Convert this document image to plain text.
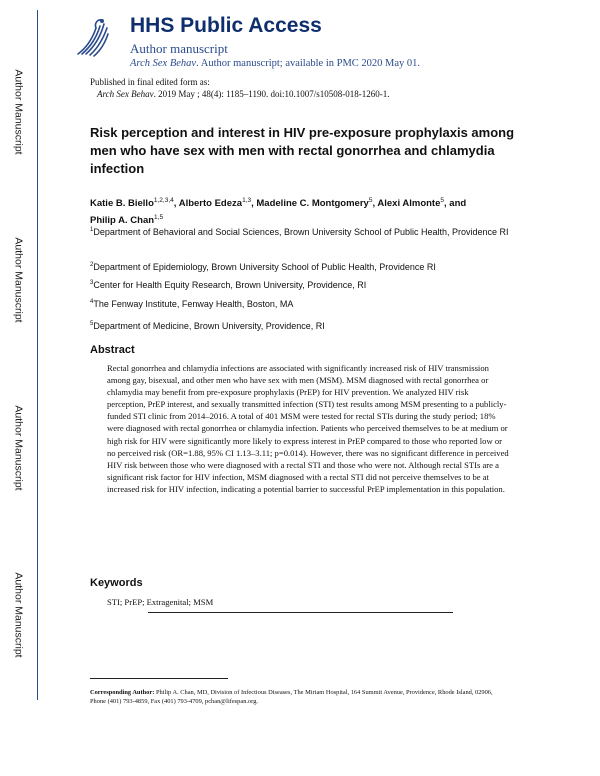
Author Manuscript
Author Manuscript
Author Manuscript
Author Manuscript
HHS Public Access
Author manuscript
Arch Sex Behav. Author manuscript; available in PMC 2020 May 01.
Published in final edited form as:
Arch Sex Behav. 2019 May ; 48(4): 1185–1190. doi:10.1007/s10508-018-1260-1.
Risk perception and interest in HIV pre-exposure prophylaxis among men who have sex with men with rectal gonorrhea and chlamydia infection
Katie B. Biello$^{1,2,3,4}$, Alberto Edeza$^{1,3}$, Madeline C. Montgomery$^5$, Alexi Almonte$^5$, and
Philip A. Chan$^{1,5}$
$^1$Department of Behavioral and Social Sciences, Brown University School of Public Health, Providence RI
$^2$Department of Epidemiology, Brown University School of Public Health, Providence RI
$^3$Center for Health Equity Research, Brown University, Providence, RI
$^4$The Fenway Institute, Fenway Health, Boston, MA
$^5$Department of Medicine, Brown University, Providence, RI
Abstract
Rectal gonorrhea and chlamydia infections are associated with significantly increased risk of HIV transmission among gay, bisexual, and other men who have sex with men (MSM). MSM diagnosed with rectal gonorrhea or chlamydia may benefit from pre-exposure prophylaxis (PrEP) for HIV prevention. We analyzed HIV risk perception, PrEP interest, and sexually transmitted infection (STI) test results among MSM presenting to a publicly-funded STI clinic from 2014–2016. A total of 401 MSM were tested for rectal STIs during the study period; 18% were diagnosed with rectal gonorrhea or chlamydia infection. Patients who perceived themselves to be at medium or high risk for HIV were significantly more likely to express interest in PrEP compared to those who reported low or no perceived risk (OR=1.88, 95% CI 1.13–3.11; p=0.014). However, there was no significant difference in perceived HIV risk between those who were diagnosed with a rectal STI and those who were not. Although rectal STIs are a significant risk factor for HIV infection, MSM diagnosed with a rectal STI did not perceive themselves to be at increased risk for HIV infection, indicating a potential barrier to successful PrEP implementation in this population.
Keywords
STI; PrEP; Extragenital; MSM
Corresponding Author: Philip A. Chan, MD, Division of Infectious Diseases, The Miriam Hospital, 164 Summit Avenue, Providence, Rhode Island, 02906, Phone (401) 793-4859, Fax (401) 793-4709, pchan@lifespan.org.
